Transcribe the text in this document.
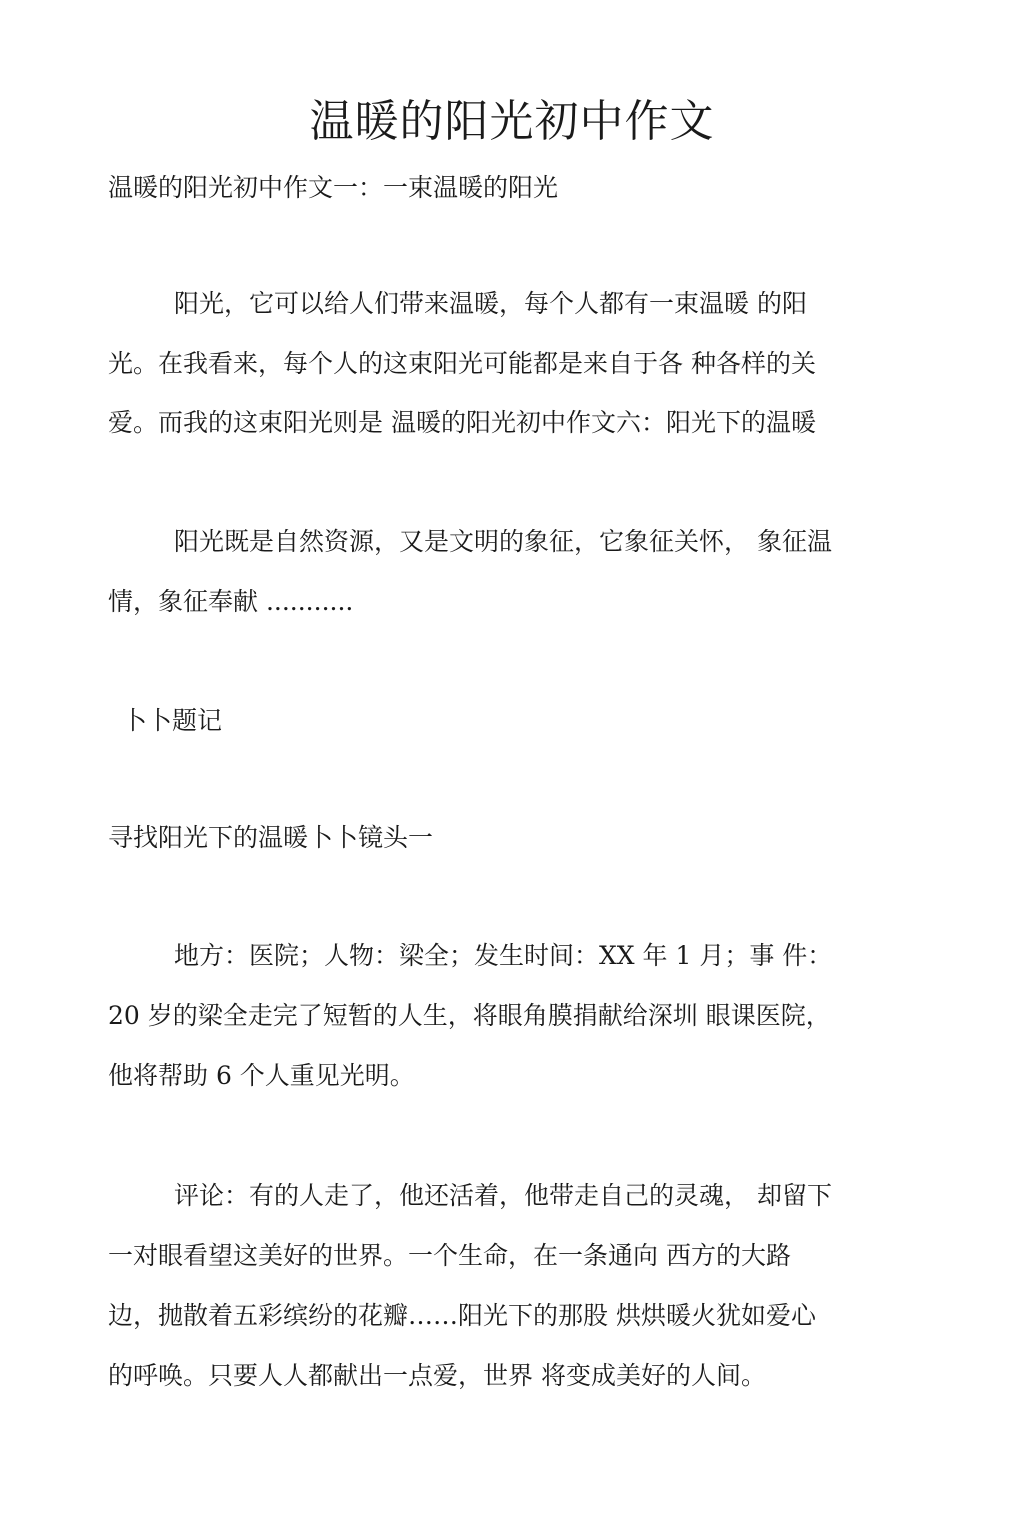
温暖的阳光初中作文

温暖的阳光初中作文一：一束温暖的阳光

阳光，它可以给人们带来温暖，每个人都有一束温暖 的阳

光。在我看来，每个人的这束阳光可能都是来自于各 种各样的关

爱。而我的这束阳光则是 温暖的阳光初中作文六：阳光下的温暖

阳光既是自然资源，又是文明的象征，它象征关怀， 象征温

情，象征奉献 ...........

卜卜题记

寻找阳光下的温暖卜卜镜头一

地方：医院；人物：梁全；发生时间：XX 年 1 月；事 件：

20 岁的梁全走完了短暂的人生，将眼角膜捐献给深圳 眼课医院，

他将帮助 6 个人重见光明。

评论：有的人走了，他还活着，他带走自己的灵魂， 却留下

一对眼看望这美好的世界。一个生命，在一条通向 西方的大路

边，抛散着五彩缤纷的花瓣……阳光下的那股 烘烘暖火犹如爱心

的呼唤。只要人人都献出一点爱，世界 将变成美好的人间。
